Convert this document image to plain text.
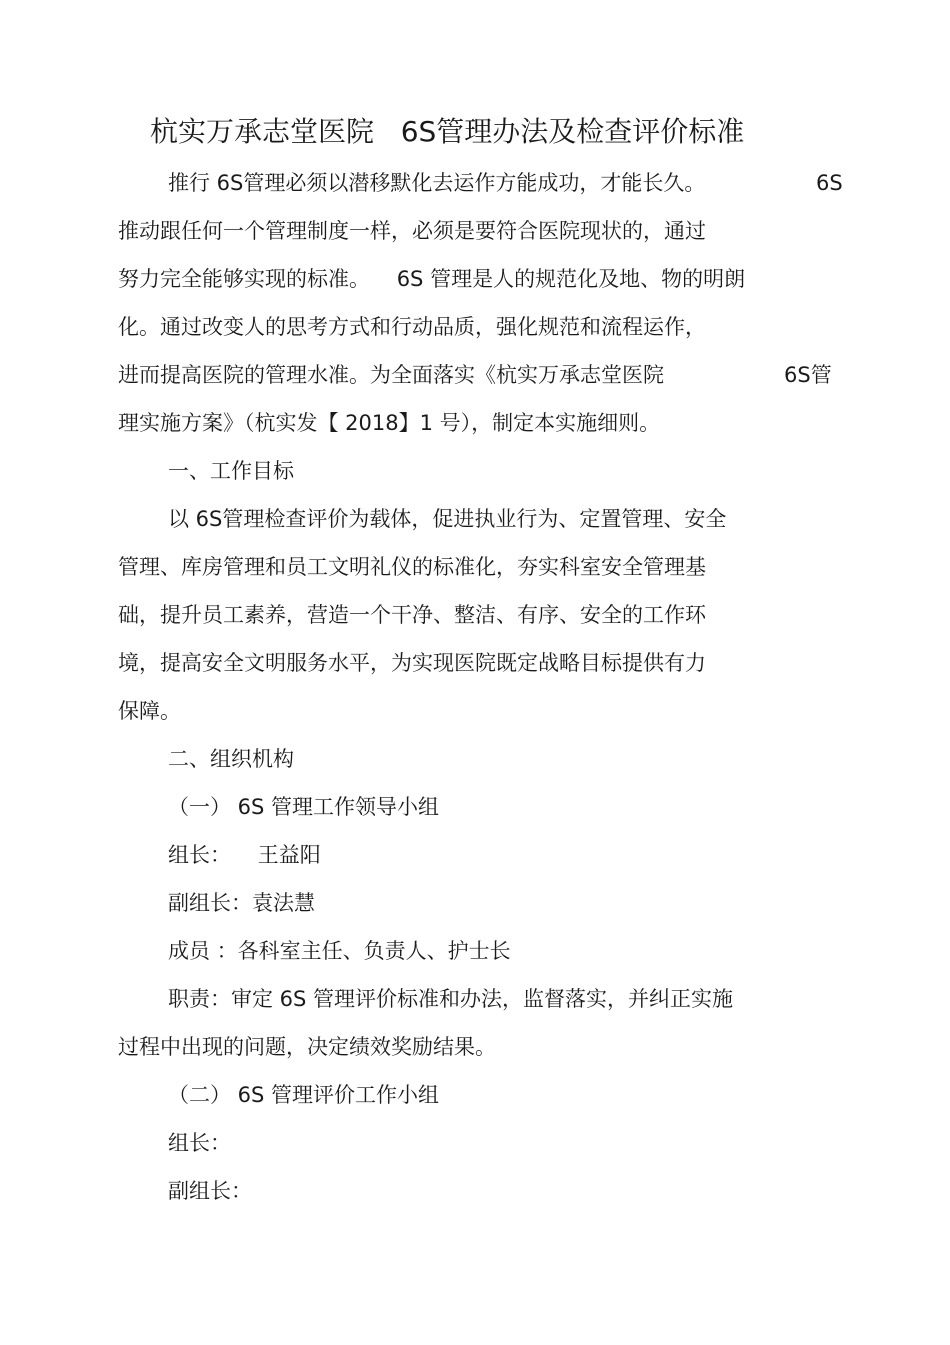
杭实万承志堂医院   6S管理办法及检查评价标准

推行 6S管理必须以潜移默化去运作方能成功，才能长久。	6S

推动跟任何一个管理制度一样，必须是要符合医院现状的，通过

努力完全能够实现的标准。    6S 管理是人的规范化及地、物的明朗

化。通过改变人的思考方式和行动品质，强化规范和流程运作，

进而提高医院的管理水准。为全面落实《杭实万承志堂医院	6S管

理实施方案》（杭实发【 2018】1 号），制定本实施细则。

一、工作目标

以 6S管理检查评价为载体，促进执业行为、定置管理、安全

管理、库房管理和员工文明礼仪的标准化，夯实科室安全管理基

础，提升员工素养，营造一个干净、整洁、有序、安全的工作环

境，提高安全文明服务水平，为实现医院既定战略目标提供有力

保障。

二、组织机构

（一） 6S 管理工作领导小组

组长：    王益阳

副组长：袁法慧

成员 ：各科室主任、负责人、护士长

职责：审定 6S 管理评价标准和办法，监督落实，并纠正实施

过程中出现的问题，决定绩效奖励结果。

（二） 6S 管理评价工作小组

组长：

副组长：
